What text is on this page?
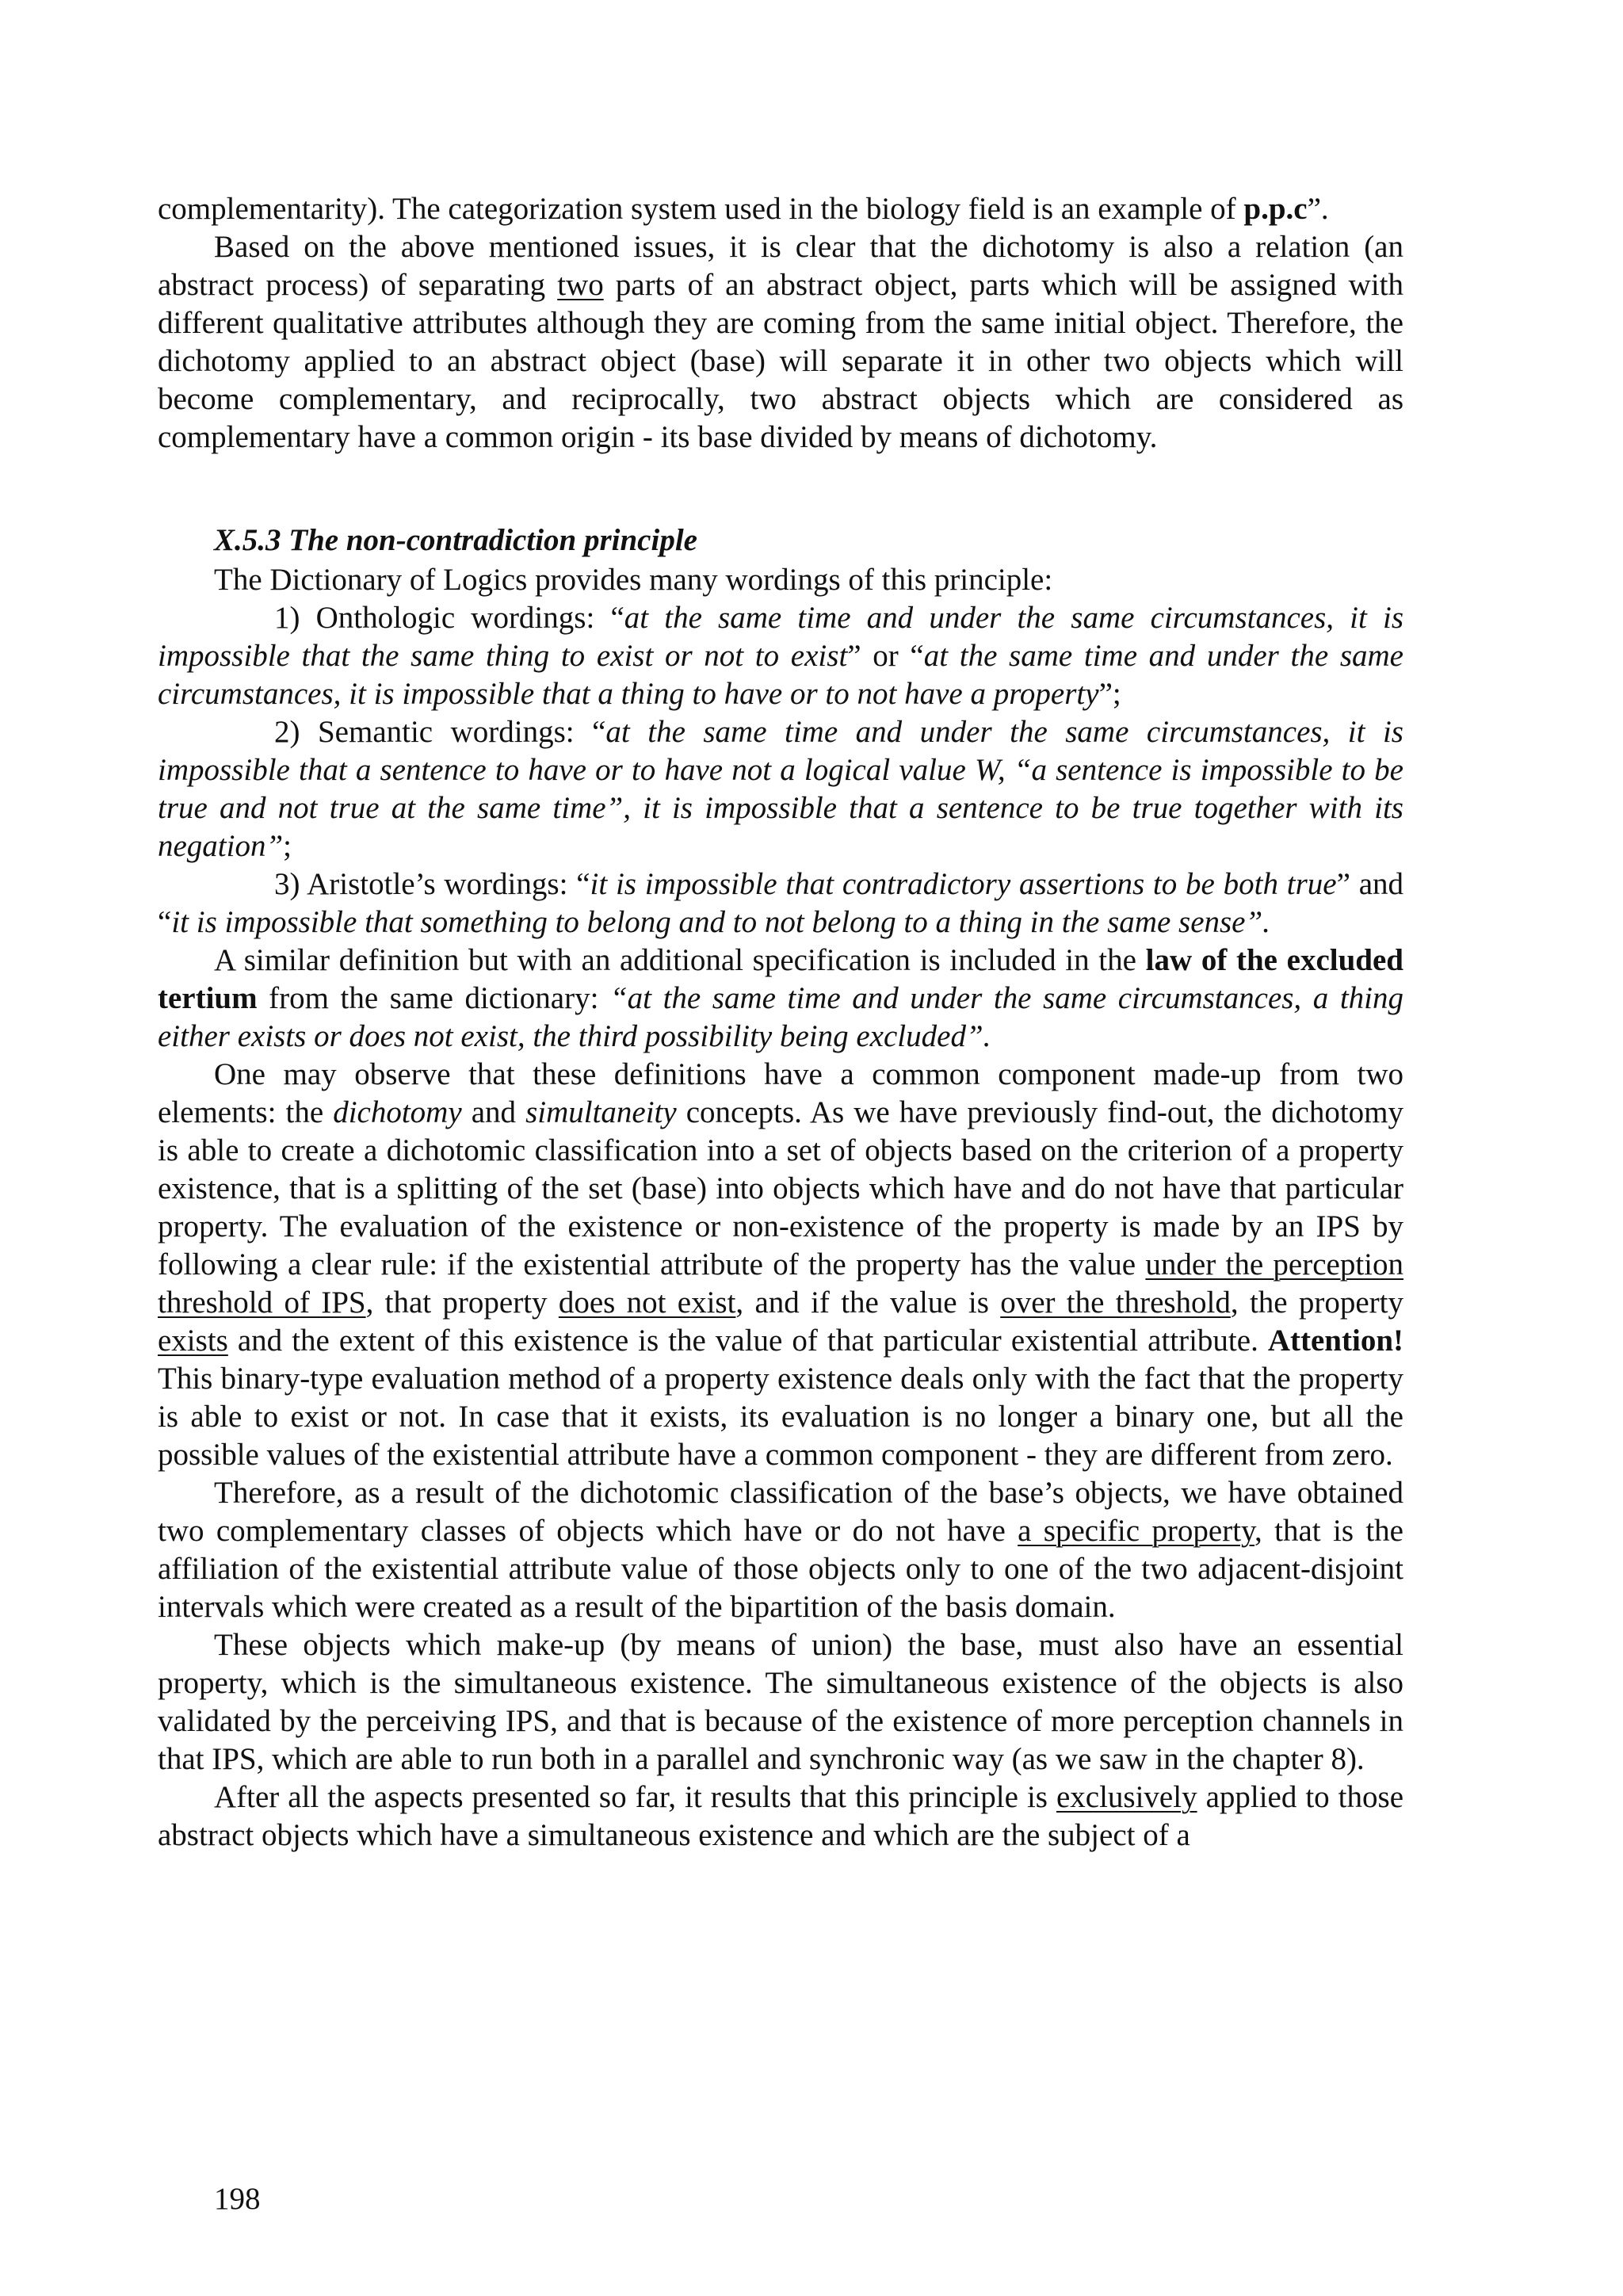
complementarity). The categorization system used in the biology field is an example of p.p.c”.

Based on the above mentioned issues, it is clear that the dichotomy is also a relation (an abstract process) of separating two parts of an abstract object, parts which will be assigned with different qualitative attributes although they are coming from the same initial object. Therefore, the dichotomy applied to an abstract object (base) will separate it in other two objects which will become complementary, and reciprocally, two abstract objects which are considered as complementary have a common origin - its base divided by means of dichotomy.

X.5.3 The non-contradiction principle

The Dictionary of Logics provides many wordings of this principle:

1) Onthologic wordings: “at the same time and under the same circumstances, it is impossible that the same thing to exist or not to exist” or “at the same time and under the same circumstances, it is impossible that a thing to have or to not have a property”;

2) Semantic wordings: “at the same time and under the same circumstances, it is impossible that a sentence to have or to have not a logical value W, “a sentence is impossible to be true and not true at the same time”, it is impossible that a sentence to be true together with its negation”;

3) Aristotle’s wordings: “it is impossible that contradictory assertions to be both true” and “it is impossible that something to belong and to not belong to a thing in the same sense”.

A similar definition but with an additional specification is included in the law of the excluded tertium from the same dictionary: “at the same time and under the same circumstances, a thing either exists or does not exist, the third possibility being excluded”.

One may observe that these definitions have a common component made-up from two elements: the dichotomy and simultaneity concepts. As we have previously find-out, the dichotomy is able to create a dichotomic classification into a set of objects based on the criterion of a property existence, that is a splitting of the set (base) into objects which have and do not have that particular property. The evaluation of the existence or non-existence of the property is made by an IPS by following a clear rule: if the existential attribute of the property has the value under the perception threshold of IPS, that property does not exist, and if the value is over the threshold, the property exists and the extent of this existence is the value of that particular existential attribute. Attention! This binary-type evaluation method of a property existence deals only with the fact that the property is able to exist or not. In case that it exists, its evaluation is no longer a binary one, but all the possible values of the existential attribute have a common component - they are different from zero.

Therefore, as a result of the dichotomic classification of the base’s objects, we have obtained two complementary classes of objects which have or do not have a specific property, that is the affiliation of the existential attribute value of those objects only to one of the two adjacent-disjoint intervals which were created as a result of the bipartition of the basis domain.

These objects which make-up (by means of union) the base, must also have an essential property, which is the simultaneous existence. The simultaneous existence of the objects is also validated by the perceiving IPS, and that is because of the existence of more perception channels in that IPS, which are able to run both in a parallel and synchronic way (as we saw in the chapter 8).

After all the aspects presented so far, it results that this principle is exclusively applied to those abstract objects which have a simultaneous existence and which are the subject of a

198
